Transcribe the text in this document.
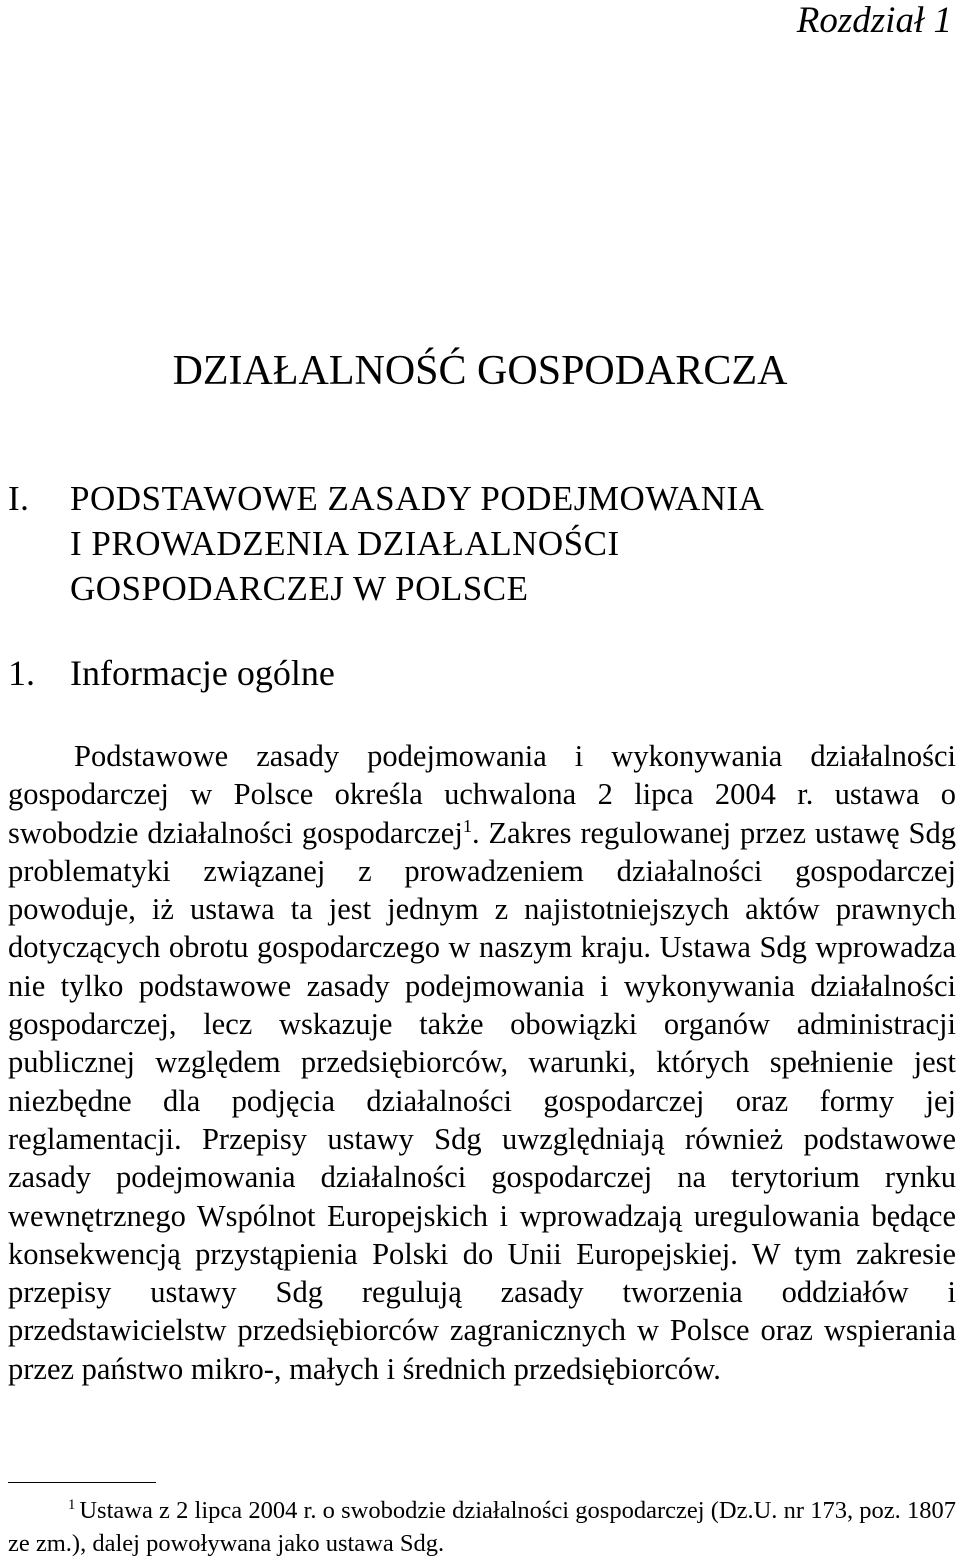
Rozdział 1
DZIAŁALNOŚĆ GOSPODARCZA
I. PODSTAWOWE ZASADY PODEJMOWANIA
I PROWADZENIA DZIAŁALNOŚCI
GOSPODARCZEJ W POLSCE
1. Informacje ogólne

Podstawowe zasady podejmowania i wykonywania działalności gospodarczej w Polsce określa uchwalona 2 lipca 2004 r. ustawa o swobodzie działalności gospodarczej$^1$. Zakres regulowanej przez ustawę Sdg problematyki związanej z prowadzeniem działalności gospodarczej powoduje, iż ustawa ta jest jednym z najistotniejszych aktów prawnych dotyczących obrotu gospodarczego w naszym kraju. Ustawa Sdg wprowadza nie tylko podstawowe zasady podejmowania i wykonywania działalności gospodarczej, lecz wskazuje także obowiązki organów administracji publicznej względem przedsiębiorców, warunki, których spełnienie jest niezbędne dla podjęcia działalności gospodarczej oraz formy jej reglamentacji. Przepisy ustawy Sdg uwzględniają również podstawowe zasady podejmowania działalności gospodarczej na terytorium rynku wewnętrznego Wspólnot Europejskich i wprowadzają uregulowania będące konsekwencją przystąpienia Polski do Unii Europejskiej. W tym zakresie przepisy ustawy Sdg regulują zasady tworzenia oddziałów i przedstawicielstw przedsiębiorców zagranicznych w Polsce oraz wspierania przez państwo mikro-, małych i średnich przedsiębiorców.

$^1$ Ustawa z 2 lipca 2004 r. o swobodzie działalności gospodarczej (Dz.U. nr 173, poz. 1807 ze zm.), dalej powoływana jako ustawa Sdg.
